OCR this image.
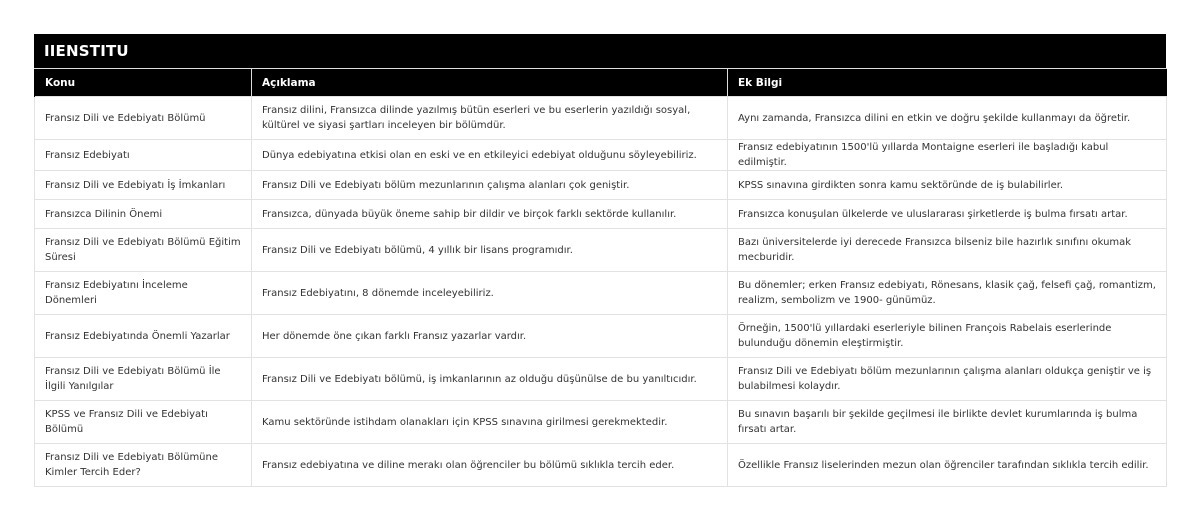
IIENSTITU
Konu	Açıklama	Ek Bilgi
Fransız Dili ve Edebiyatı Bölümü	Fransız dilini, Fransızca dilinde yazılmış bütün eserleri ve bu eserlerin yazıldığı sosyal, kültürel ve siyasi şartları inceleyen bir bölümdür.	Aynı zamanda, Fransızca dilini en etkin ve doğru şekilde kullanmayı da öğretir.
Fransız Edebiyatı	Dünya edebiyatına etkisi olan en eski ve en etkileyici edebiyat olduğunu söyleyebiliriz.	Fransız edebiyatının 1500'lü yıllarda Montaigne eserleri ile başladığı kabul edilmiştir.
Fransız Dili ve Edebiyatı İş İmkanları	Fransız Dili ve Edebiyatı bölüm mezunlarının çalışma alanları çok geniştir.	KPSS sınavına girdikten sonra kamu sektöründe de iş bulabilirler.
Fransızca Dilinin Önemi	Fransızca, dünyada büyük öneme sahip bir dildir ve birçok farklı sektörde kullanılır.	Fransızca konuşulan ülkelerde ve uluslararası şirketlerde iş bulma fırsatı artar.
Fransız Dili ve Edebiyatı Bölümü Eğitim Süresi	Fransız Dili ve Edebiyatı bölümü, 4 yıllık bir lisans programıdır.	Bazı üniversitelerde iyi derecede Fransızca bilseniz bile hazırlık sınıfını okumak mecburidir.
Fransız Edebiyatını İnceleme Dönemleri	Fransız Edebiyatını, 8 dönemde inceleyebiliriz.	Bu dönemler; erken Fransız edebiyatı, Rönesans, klasik çağ, felsefi çağ, romantizm, realizm, sembolizm ve 1900- günümüz.
Fransız Edebiyatında Önemli Yazarlar	Her dönemde öne çıkan farklı Fransız yazarlar vardır.	Örneğin, 1500'lü yıllardaki eserleriyle bilinen François Rabelais eserlerinde bulunduğu dönemin eleştirmiştir.
Fransız Dili ve Edebiyatı Bölümü İle İlgili Yanılgılar	Fransız Dili ve Edebiyatı bölümü, iş imkanlarının az olduğu düşünülse de bu yanıltıcıdır.	Fransız Dili ve Edebiyatı bölüm mezunlarının çalışma alanları oldukça geniştir ve iş bulabilmesi kolaydır.
KPSS ve Fransız Dili ve Edebiyatı Bölümü	Kamu sektöründe istihdam olanakları için KPSS sınavına girilmesi gerekmektedir.	Bu sınavın başarılı bir şekilde geçilmesi ile birlikte devlet kurumlarında iş bulma fırsatı artar.
Fransız Dili ve Edebiyatı Bölümüne Kimler Tercih Eder?	Fransız edebiyatına ve diline merakı olan öğrenciler bu bölümü sıklıkla tercih eder.	Özellikle Fransız liselerinden mezun olan öğrenciler tarafından sıklıkla tercih edilir.
